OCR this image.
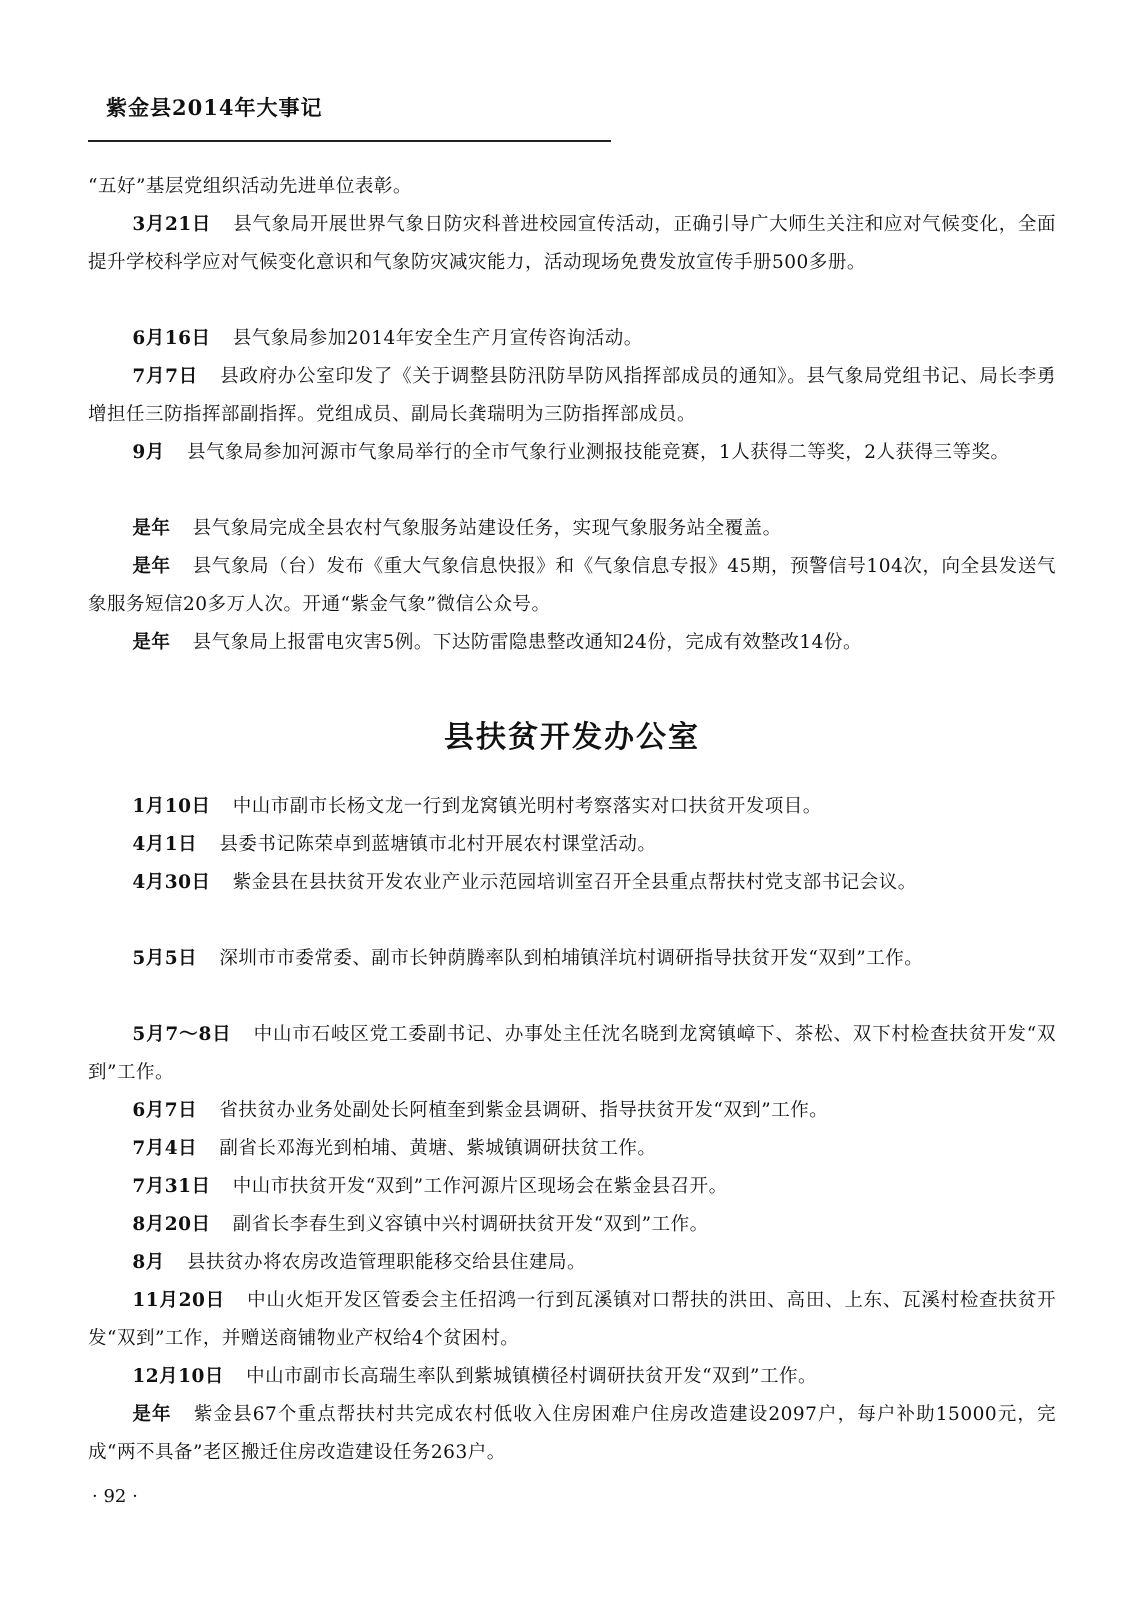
紫金县2014年大事记

“五好”基层党组织活动先进单位表彰。

3月21日 县气象局开展世界气象日防灾科普进校园宣传活动，正确引导广大师生关注和应对气候变化，全面提升学校科学应对气候变化意识和气象防灾减灾能力，活动现场免费发放宣传手册500多册。

6月16日 县气象局参加2014年安全生产月宣传咨询活动。

7月7日 县政府办公室印发了《关于调整县防汛防旱防风指挥部成员的通知》。县气象局党组书记、局长李勇增担任三防指挥部副指挥。党组成员、副局长龚瑞明为三防指挥部成员。

9月 县气象局参加河源市气象局举行的全市气象行业测报技能竞赛，1人获得二等奖，2人获得三等奖。

是年 县气象局完成全县农村气象服务站建设任务，实现气象服务站全覆盖。

是年 县气象局（台）发布《重大气象信息快报》和《气象信息专报》45期，预警信号104次，向全县发送气象服务短信20多万人次。开通“紫金气象”微信公众号。

是年 县气象局上报雷电灾害5例。下达防雷隐患整改通知24份，完成有效整改14份。

县扶贫开发办公室

1月10日 中山市副市长杨文龙一行到龙窝镇光明村考察落实对口扶贫开发项目。

4月1日 县委书记陈荣卓到蓝塘镇市北村开展农村课堂活动。

4月30日 紫金县在县扶贫开发农业产业示范园培训室召开全县重点帮扶村党支部书记会议。

5月5日 深圳市市委常委、副市长钟荫腾率队到柏埔镇洋坑村调研指导扶贫开发“双到”工作。

5月7～8日 中山市石岐区党工委副书记、办事处主任沈名晓到龙窝镇嶂下、茶松、双下村检查扶贫开发“双到”工作。

6月7日 省扶贫办业务处副处长阿植奎到紫金县调研、指导扶贫开发“双到”工作。

7月4日 副省长邓海光到柏埔、黄塘、紫城镇调研扶贫工作。

7月31日 中山市扶贫开发“双到”工作河源片区现场会在紫金县召开。

8月20日 副省长李春生到义容镇中兴村调研扶贫开发“双到”工作。

8月 县扶贫办将农房改造管理职能移交给县住建局。

11月20日 中山火炬开发区管委会主任招鸿一行到瓦溪镇对口帮扶的洪田、高田、上东、瓦溪村检查扶贫开发“双到”工作，并赠送商铺物业产权给4个贫困村。

12月10日 中山市副市长高瑞生率队到紫城镇横径村调研扶贫开发“双到”工作。

是年 紫金县67个重点帮扶村共完成农村低收入住房困难户住房改造建设2097户，每户补助15000元，完成“两不具备”老区搬迁住房改造建设任务263户。

· 92 ·
